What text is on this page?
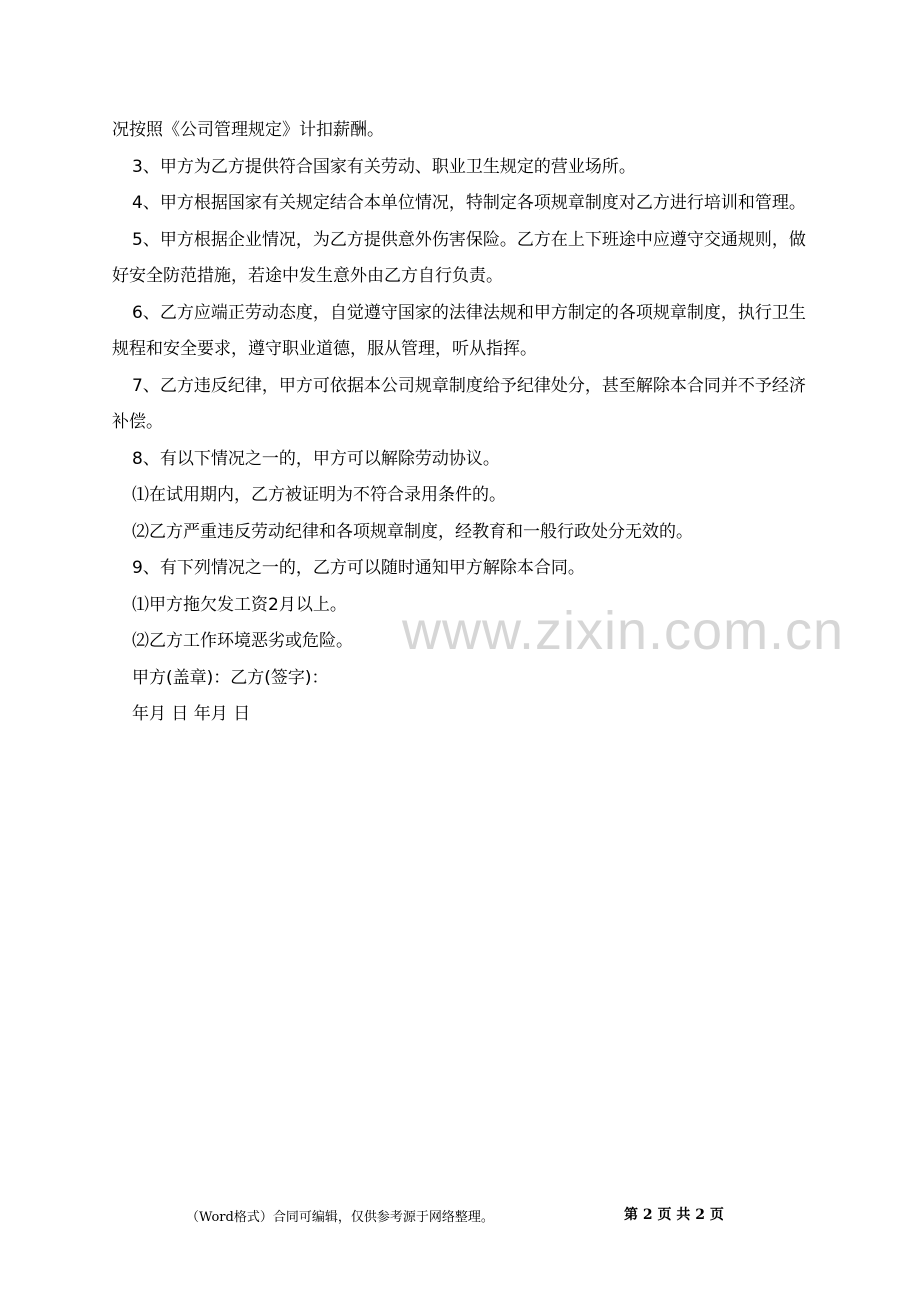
况按照《公司管理规定》计扣薪酬。

3、甲方为乙方提供符合国家有关劳动、职业卫生规定的营业场所。

4、甲方根据国家有关规定结合本单位情况，特制定各项规章制度对乙方进行培训和管理。

5、甲方根据企业情况，为乙方提供意外伤害保险。乙方在上下班途中应遵守交通规则，做好安全防范措施，若途中发生意外由乙方自行负责。

6、乙方应端正劳动态度，自觉遵守国家的法律法规和甲方制定的各项规章制度，执行卫生规程和安全要求，遵守职业道德，服从管理，听从指挥。

7、乙方违反纪律，甲方可依据本公司规章制度给予纪律处分，甚至解除本合同并不予经济补偿。

8、有以下情况之一的，甲方可以解除劳动协议。

⑴在试用期内，乙方被证明为不符合录用条件的。

⑵乙方严重违反劳动纪律和各项规章制度，经教育和一般行政处分无效的。

9、有下列情况之一的，乙方可以随时通知甲方解除本合同。

⑴甲方拖欠发工资2月以上。

⑵乙方工作环境恶劣或危险。

甲方(盖章)：乙方(签字)：

年月 日 年月 日

www.zixin.com.cn
（Word格式）合同可编辑，仅供参考源于网络整理。	第 2 页 共 2 页
